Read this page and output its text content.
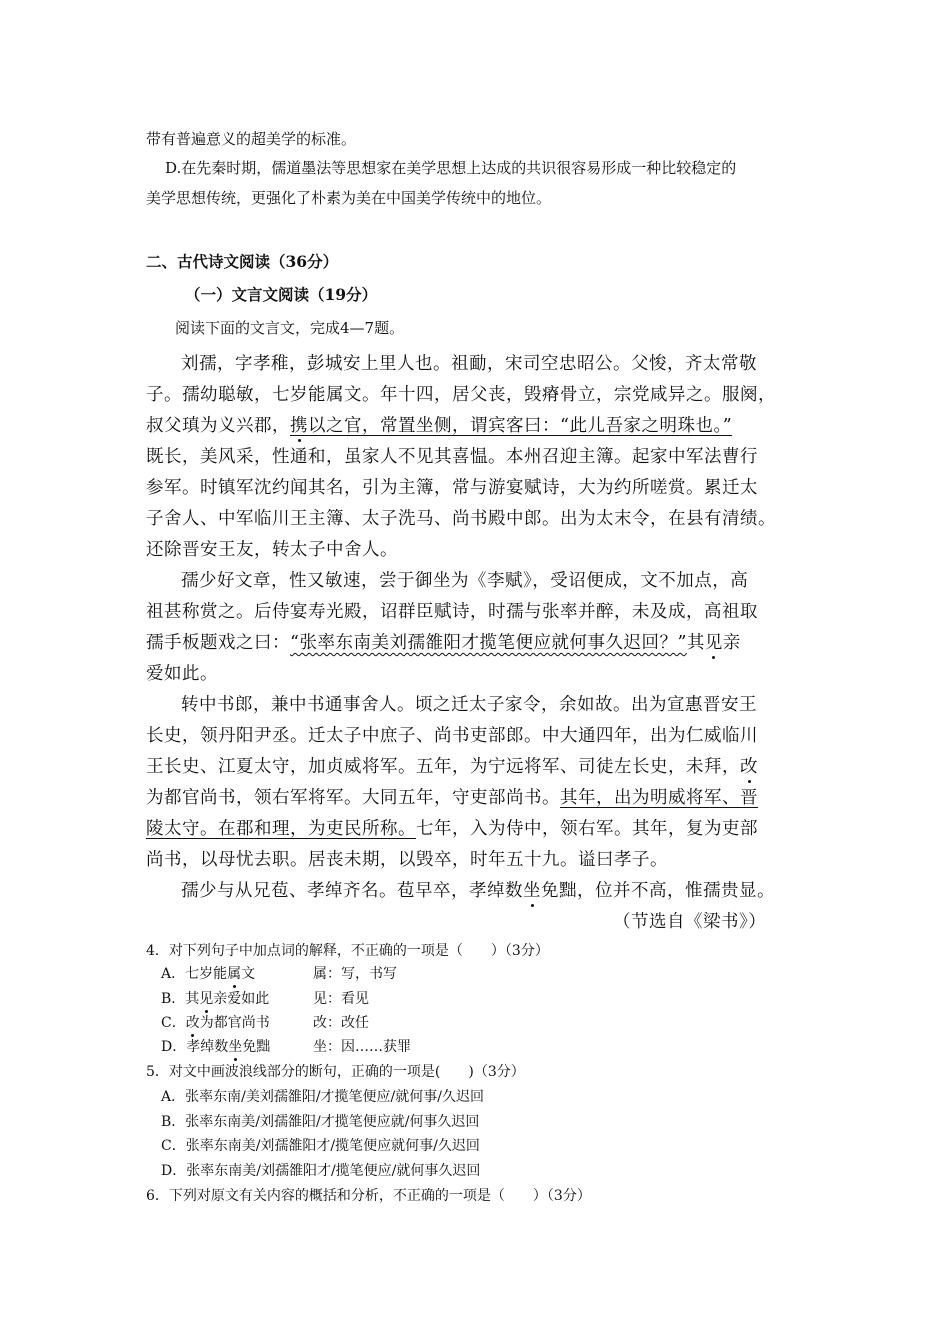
带有普遍意义的超美学的标准。

D.在先秦时期，儒道墨法等思想家在美学思想上达成的共识很容易形成一种比较稳定的

美学思想传统，更强化了朴素为美在中国美学传统中的地位。

二、古代诗文阅读（36分）

（一）文言文阅读（19分）

阅读下面的文言文，完成4—7题。

刘孺，字孝稚，彭城安上里人也。祖勔，宋司空忠昭公。父悛，齐太常敬

子。孺幼聪敏，七岁能属文。年十四，居父丧，毁瘠骨立，宗党咸异之。服阕，

叔父瑱为义兴郡，携以之官，常置坐侧，谓宾客曰：“此儿吾家之明珠也。”

既长，美风采，性通和，虽家人不见其喜愠。本州召迎主簿。起家中军法曹行

参军。时镇军沈约闻其名，引为主簿，常与游宴赋诗，大为约所嗟赏。累迁太

子舍人、中军临川王主簿、太子洗马、尚书殿中郎。出为太末令，在县有清绩。

还除晋安王友，转太子中舍人。

孺少好文章，性又敏速，尝于御坐为《李赋》，受诏便成，文不加点，高

祖甚称赏之。后侍宴寿光殿，诏群臣赋诗，时孺与张率并醉，未及成，高祖取

孺手板题戏之曰：“张率东南美刘孺雒阳才揽笔便应就何事久迟回？”其见亲

爱如此。

转中书郎，兼中书通事舍人。顷之迁太子家令，余如故。出为宣惠晋安王

长史，领丹阳尹丞。迁太子中庶子、尚书吏部郎。中大通四年，出为仁威临川

王长史、江夏太守，加贞威将军。五年，为宁远将军、司徒左长史，未拜，改

为都官尚书，领右军将军。大同五年，守吏部尚书。其年，出为明威将军、晋

陵太守。在郡和理，为吏民所称。七年，入为侍中，领右军。其年，复为吏部

尚书，以母忧去职。居丧未期，以毁卒，时年五十九。谥曰孝子。

孺少与从兄苞、孝绰齐名。苞早卒，孝绰数坐免黜，位并不高，惟孺贵显。

（节选自《梁书》）

4．对下列句子中加点词的解释，不正确的一项是（　　）（3分）

A．七岁能属文	属：写，书写

B．其见亲爱如此	见：看见

C．改为都官尚书	改：改任

D．孝绰数坐免黜	坐：因……获罪

5．对文中画波浪线部分的断句，正确的一项是(　　)（3分）

A．张率东南/美刘孺雒阳/才揽笔便应/就何事/久迟回

B．张率东南美/刘孺雒阳/才揽笔便应就/何事久迟回

C．张率东南美/刘孺雒阳才/揽笔便应就何事/久迟回

D．张率东南美/刘孺雒阳才/揽笔便应/就何事久迟回

6．下列对原文有关内容的概括和分析，不正确的一项是（　　）（3分）
